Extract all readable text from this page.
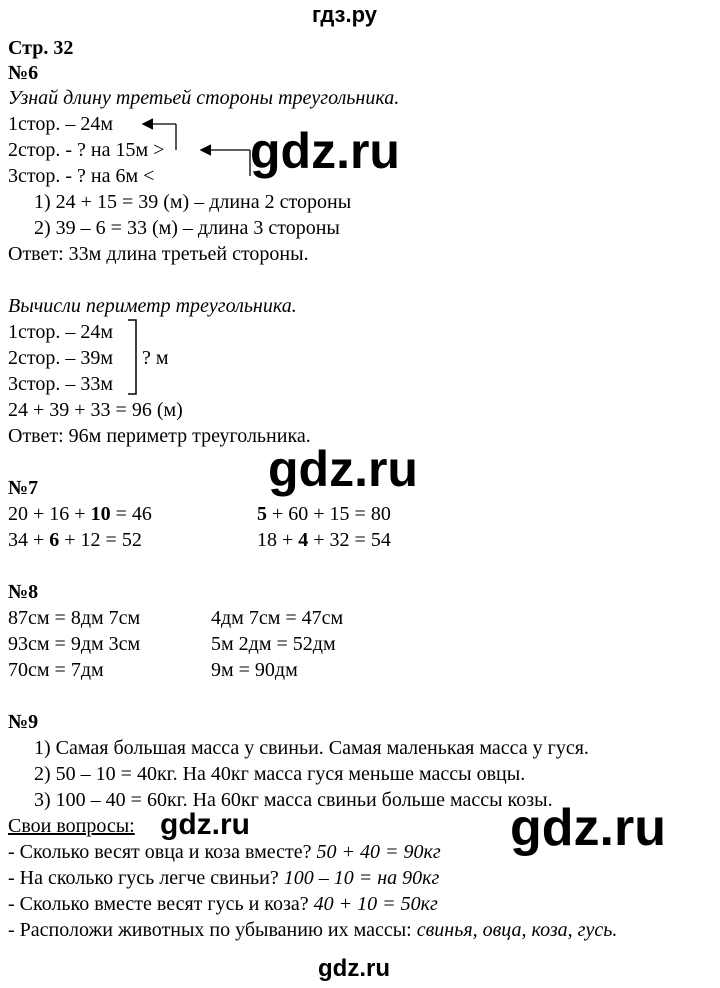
гдз.ру
Стр. 32
№6
Узнай длину третьей стороны треугольника.
1стор. – 24м
2стор. - ? на 15м >
3стор. - ? на 6м <
1) 24 + 15 = 39 (м) – длина 2 стороны
2) 39 – 6 = 33 (м) – длина 3 стороны
Ответ: 33м длина третьей стороны.
Вычисли периметр треугольника.
1стор. – 24м
2стор. – 39м
3стор. – 33м
? м
24 + 39 + 33 = 96 (м)
Ответ: 96м периметр треугольника.
№7
20 + 16 + 10 = 46	5 + 60 + 15 = 80
34 + 6 + 12 = 52	18 + 4 + 32 = 54
№8
87см = 8дм 7см	4дм 7см = 47см
93см = 9дм 3см	5м 2дм = 52дм
70см = 7дм	9м = 90дм
№9
1) Самая большая масса у свиньи. Самая маленькая масса у гуся.
2) 50 – 10 = 40кг. На 40кг масса гуся меньше массы овцы.
3) 100 – 40 = 60кг. На 60кг масса свиньи больше массы козы.
Свои вопросы:
- Сколько весят овца и коза вместе? 50 + 40 = 90кг
- На сколько гусь легче свиньи? 100 – 10 = на 90кг
- Сколько вместе весят гусь и коза? 40 + 10 = 50кг
- Расположи животных по убыванию их массы: свинья, овца, коза, гусь.
gdz.ru
gdz.ru
gdz.ru	gdz.ru
gdz.ru
